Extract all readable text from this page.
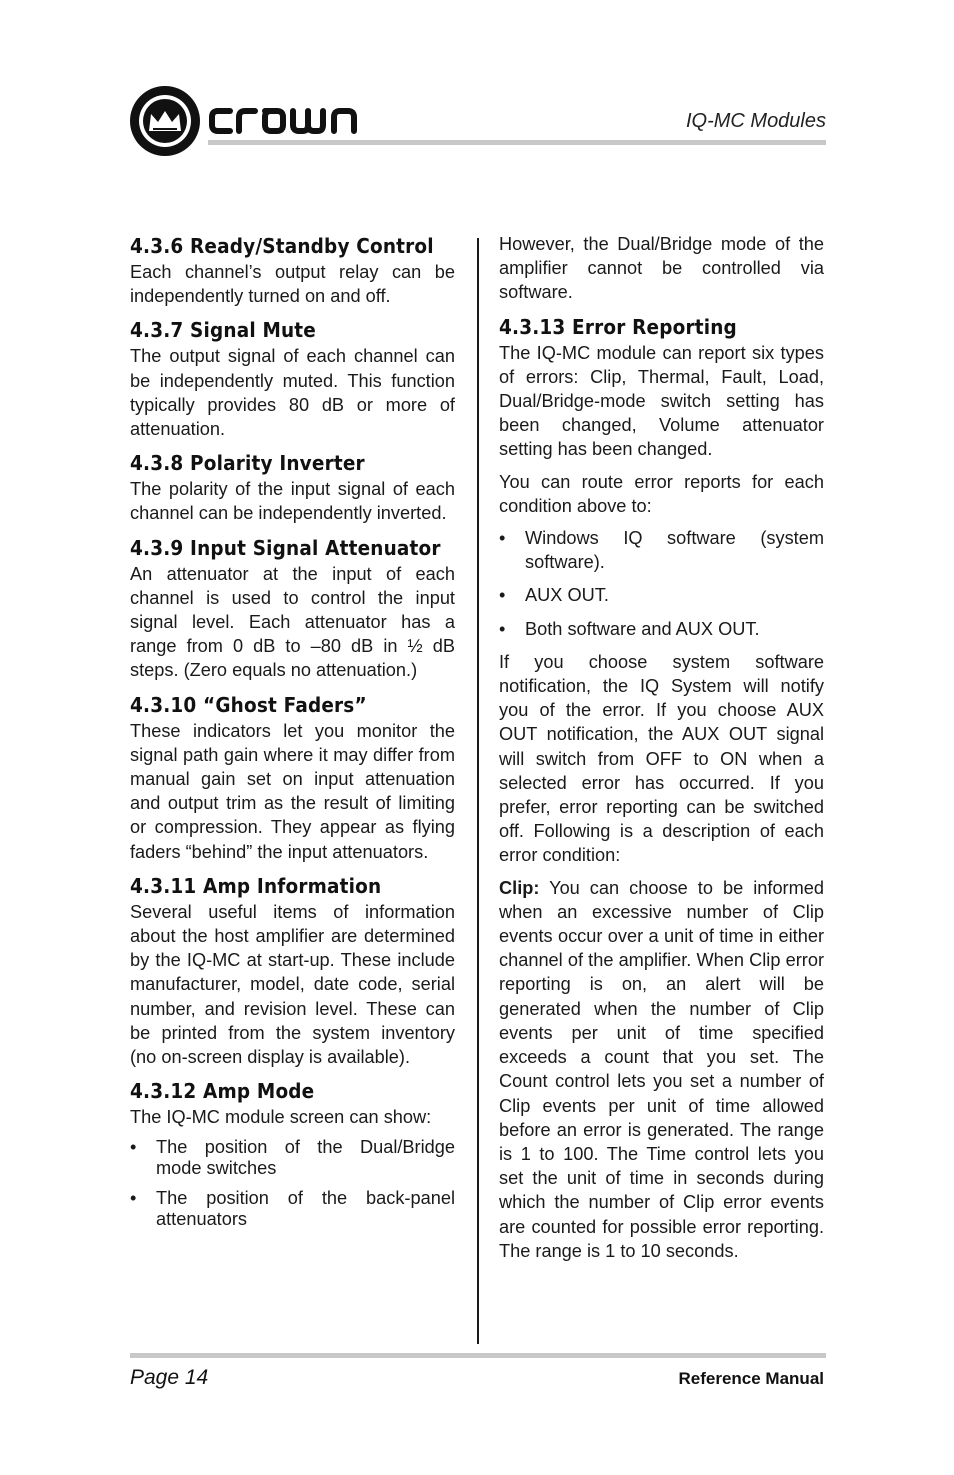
IQ-MC Modules
4.3.6 Ready/Standby Control

Each channel’s output relay can be independently turned on and off.

4.3.7 Signal Mute

The output signal of each channel can be independently muted. This function typically provides 80 dB or more of attenuation.

4.3.8 Polarity Inverter

The polarity of the input signal of each channel can be independently inverted.

4.3.9 Input Signal Attenuator

An attenuator at the input of each channel is used to control the input signal level. Each attenuator has a range from 0 dB to –80 dB in ½ dB steps. (Zero equals no attenuation.)

4.3.10 “Ghost Faders”

These indicators let you monitor the signal path gain where it may differ from manual gain set on input attenuation and output trim as the result of limiting or compression. They appear as flying faders “behind” the input attenuators.

4.3.11 Amp Information

Several useful items of information about the host amplifier are determined by the IQ-MC at start-up. These include manufacturer, model, date code, serial number, and revision level. These can be printed from the system inventory (no on-screen display is available).

4.3.12 Amp Mode

The IQ-MC module screen can show:

• The position of the Dual/Bridge mode switches
• The position of the back-panel attenuators

However, the Dual/Bridge mode of the amplifier cannot be controlled via software.

4.3.13 Error Reporting

The IQ-MC module can report six types of errors: Clip, Thermal, Fault, Load, Dual/Bridge-mode switch setting has been changed, Volume attenuator setting has been changed.

You can route error reports for each condition above to:

• Windows IQ software (system software).
• AUX OUT.
• Both software and AUX OUT.

If you choose system software notification, the IQ System will notify you of the error. If you choose AUX OUT notification, the AUX OUT signal will switch from OFF to ON when a selected error has occurred. If you prefer, error reporting can be switched off. Following is a description of each error condition:

Clip: You can choose to be informed when an excessive number of Clip events occur over a unit of time in either channel of the amplifier. When Clip error reporting is on, an alert will be generated when the number of Clip events per unit of time specified exceeds a count that you set. The Count control lets you set a number of Clip events per unit of time allowed before an error is generated. The range is 1 to 100. The Time control lets you set the unit of time in seconds during which the number of Clip error events are counted for possible error reporting. The range is 1 to 10 seconds.

Page 14	Reference Manual
